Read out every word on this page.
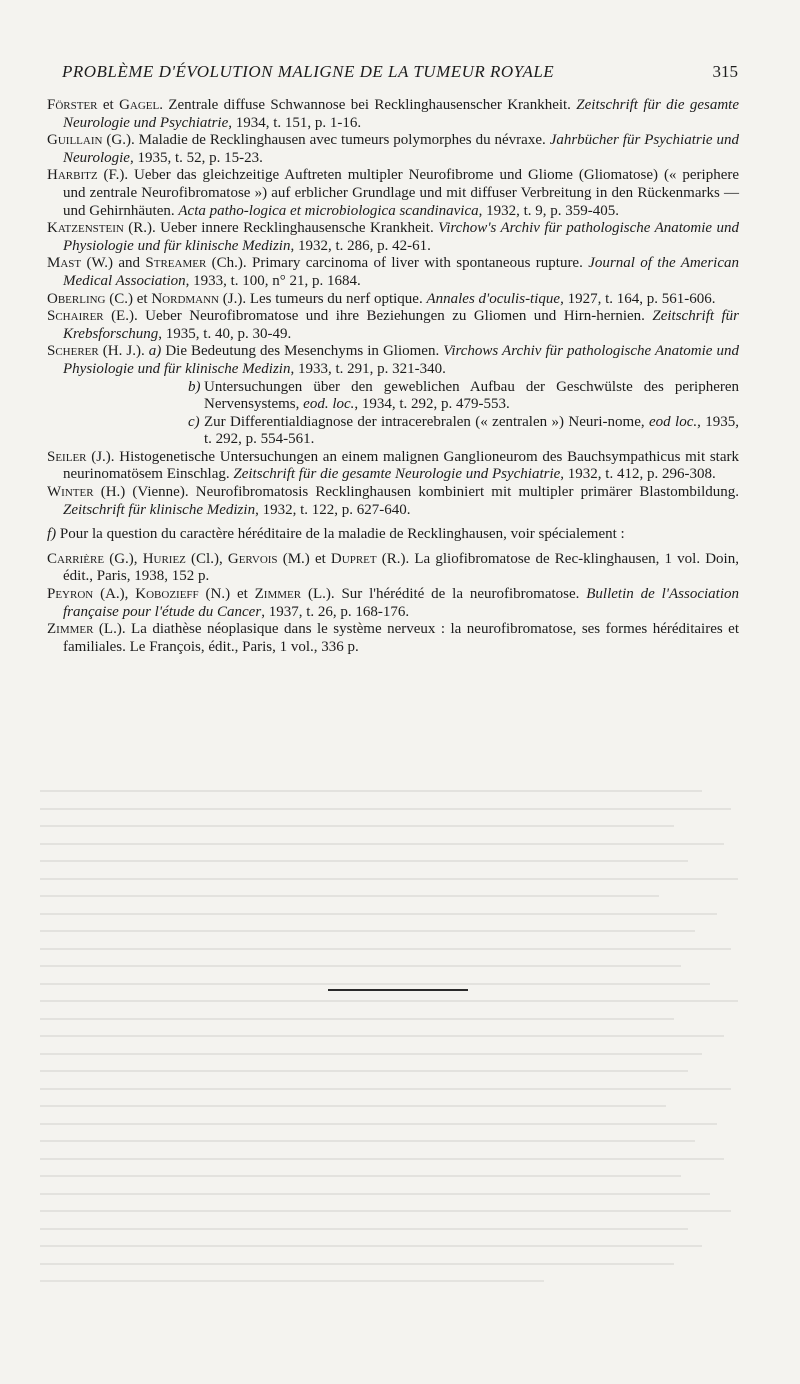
PROBLÈME D'ÉVOLUTION MALIGNE DE LA TUMEUR ROYALE	315
Förster et Gagel. Zentrale diffuse Schwannose bei Recklinghausenscher Krankheit. Zeitschrift für die gesamte Neurologie und Psychiatrie, 1934, t. 151, p. 1-16.
Guillain (G.). Maladie de Recklinghausen avec tumeurs polymorphes du névraxe. Jahrbücher für Psychiatrie und Neurologie, 1935, t. 52, p. 15-23.
Harbitz (F.). Ueber das gleichzeitige Auftreten multipler Neurofibrome und Gliome (Gliomatose) (« periphere und zentrale Neurofibromatose ») auf erblicher Grundlage und mit diffuser Verbreitung in den Rückenmarks — und Gehirnhäuten. Acta patho-logica et microbiologica scandinavica, 1932, t. 9, p. 359-405.
Katzenstein (R.). Ueber innere Recklinghausensche Krankheit. Virchow's Archiv für pathologische Anatomie und Physiologie und für klinische Medizin, 1932, t. 286, p. 42-61.
Mast (W.) and Streamer (Ch.). Primary carcinoma of liver with spontaneous rupture. Journal of the American Medical Association, 1933, t. 100, n° 21, p. 1684.
Oberling (C.) et Nordmann (J.). Les tumeurs du nerf optique. Annales d'oculis-tique, 1927, t. 164, p. 561-606.
Schairer (E.). Ueber Neurofibromatose und ihre Beziehungen zu Gliomen und Hirn-hernien. Zeitschrift für Krebsforschung, 1935, t. 40, p. 30-49.
Scherer (H. J.). a) Die Bedeutung des Mesenchyms in Gliomen. Virchows Archiv für pathologische Anatomie und Physiologie und für klinische Medizin, 1933, t. 291, p. 321-340.
b) Untersuchungen über den geweblichen Aufbau der Geschwülste des peripheren Nervensystems, eod. loc., 1934, t. 292, p. 479-553.
c) Zur Differentialdiagnose der intracerebralen (« zentralen ») Neuri-nome, eod loc., 1935, t. 292, p. 554-561.
Seiler (J.). Histogenetische Untersuchungen an einem malignen Ganglioneurom des Bauchsympathicus mit stark neurinomatösem Einschlag. Zeitschrift für die gesamte Neurologie und Psychiatrie, 1932, t. 412, p. 296-308.
Winter (H.) (Vienne). Neurofibromatosis Recklinghausen kombiniert mit multipler primärer Blastombildung. Zeitschrift für klinische Medizin, 1932, t. 122, p. 627-640.
f) Pour la question du caractère héréditaire de la maladie de Recklinghausen, voir spécialement :
Carrière (G.), Huriez (Cl.), Gervois (M.) et Dupret (R.). La gliofibromatose de Rec-klinghausen, 1 vol. Doin, édit., Paris, 1938, 152 p.
Peyron (A.), Kobozieff (N.) et Zimmer (L.). Sur l'hérédité de la neurofibromatose. Bulletin de l'Association française pour l'étude du Cancer, 1937, t. 26, p. 168-176.
Zimmer (L.). La diathèse néoplasique dans le système nerveux : la neurofibromatose, ses formes héréditaires et familiales. Le François, édit., Paris, 1 vol., 336 p.
